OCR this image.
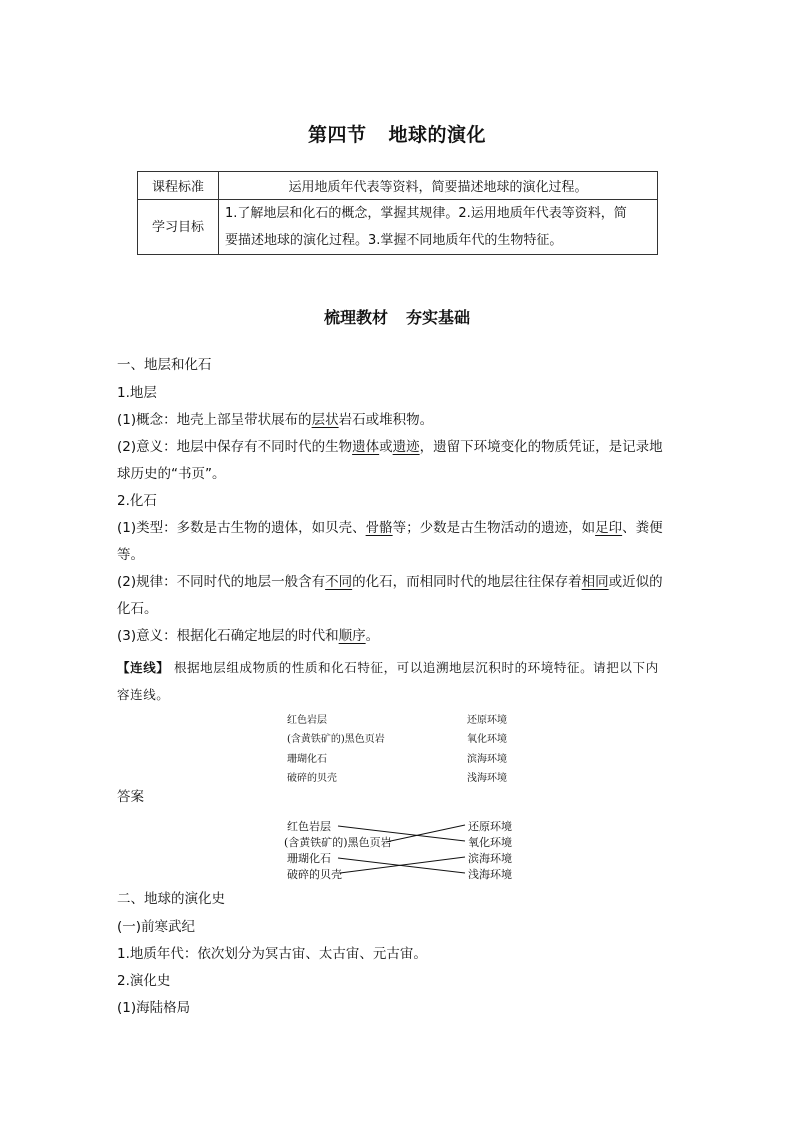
第四节 地球的演化
课程标准	运用地质年代表等资料，简要描述地球的演化过程。
学习目标	1.了解地层和化石的概念，掌握其规律。2.运用地质年代表等资料，简
要描述地球的演化过程。3.掌握不同地质年代的生物特征。
梳理教材 夯实基础
一、地层和化石
1.地层
(1)概念：地壳上部呈带状展布的层状岩石或堆积物。
(2)意义：地层中保存有不同时代的生物遗体或遗迹，遗留下环境变化的物质凭证，是记录地
球历史的“书页”。
2.化石
(1)类型：多数是古生物的遗体，如贝壳、骨骼等；少数是古生物活动的遗迹，如足印、粪便
等。
(2)规律：不同时代的地层一般含有不同的化石，而相同时代的地层往往保存着相同或近似的
化石。
(3)意义：根据化石确定地层的时代和顺序。
【连线】 根据地层组成物质的性质和化石特征，可以追溯地层沉积时的环境特征。请把以下内
容连线。
红色岩层
(含黄铁矿的)黑色页岩
珊瑚化石
破碎的贝壳
还原环境
氧化环境
滨海环境
浅海环境
答案
红色岩层
(含黄铁矿的)黑色页岩
珊瑚化石
破碎的贝壳
还原环境
氧化环境
滨海环境
浅海环境
二、地球的演化史
(一)前寒武纪
1.地质年代：依次划分为冥古宙、太古宙、元古宙。
2.演化史
(1)海陆格局
